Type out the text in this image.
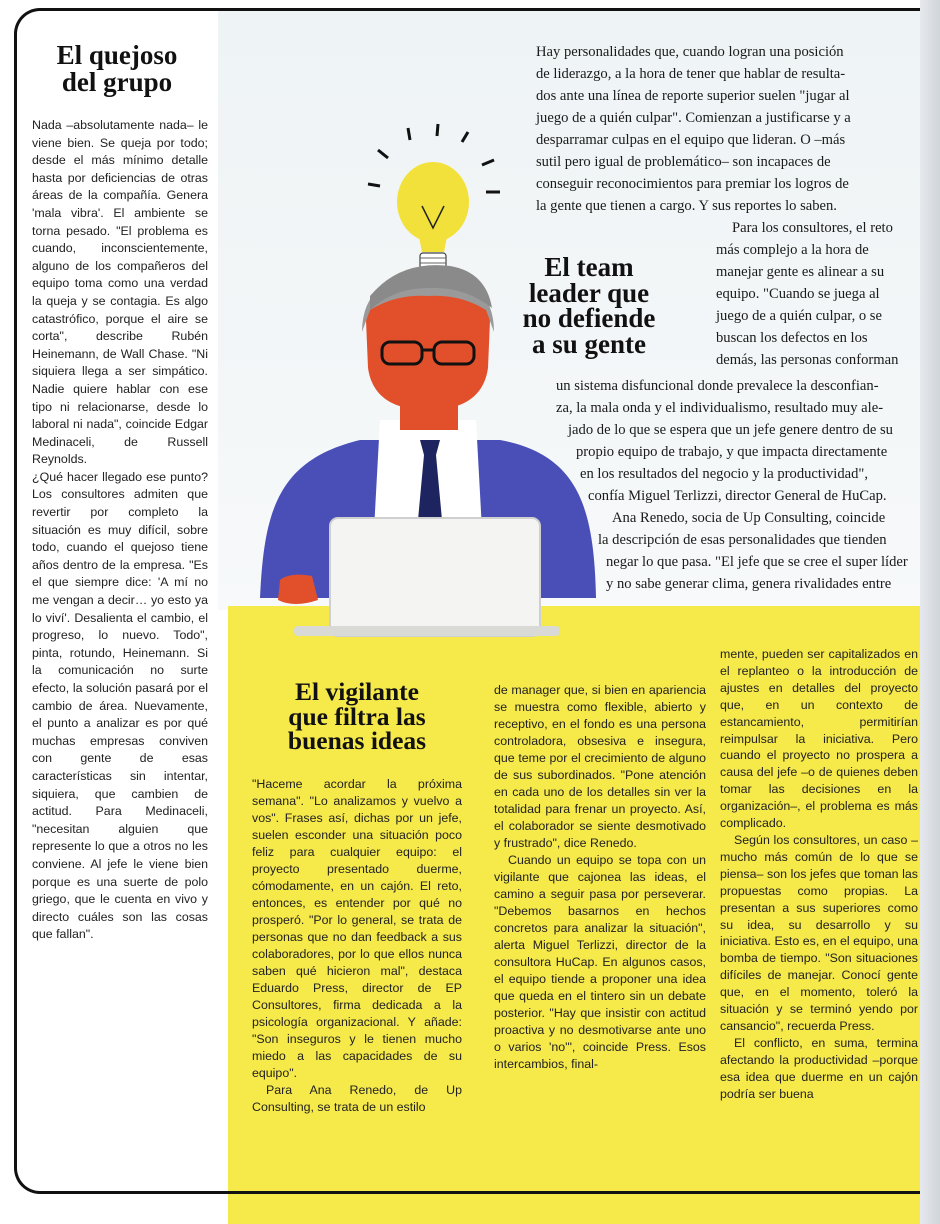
El quejoso
del grupo

Nada –absolutamente nada– le viene bien. Se queja por todo; desde el más mínimo detalle hasta por deficiencias de otras áreas de la compañía. Genera 'mala vibra'. El ambiente se torna pesado. "El problema es cuando, inconscientemente, alguno de los compañeros del equipo toma como una verdad la queja y se contagia. Es algo catastrófico, porque el aire se corta", describe Rubén Heinemann, de Wall Chase. "Ni siquiera llega a ser simpático. Nadie quiere hablar con ese tipo ni relacionarse, desde lo laboral ni nada", coincide Edgar Medinaceli, de Russell Reynolds.

¿Qué hacer llegado ese punto? Los consultores admiten que revertir por completo la situación es muy difícil, sobre todo, cuando el quejoso tiene años dentro de la empresa. "Es el que siempre dice: 'A mí no me vengan a decir… yo esto ya lo viví'. Desalienta el cambio, el progreso, lo nuevo. Todo", pinta, rotundo, Heinemann. Si la comunicación no surte efecto, la solución pasará por el cambio de área. Nuevamente, el punto a analizar es por qué muchas empresas conviven con gente de esas características sin intentar, siquiera, que cambien de actitud. Para Medinaceli, "necesitan alguien que represente lo que a otros no les conviene. Al jefe le viene bien porque es una suerte de polo griego, que le cuenta en vivo y directo cuáles son las cosas que fallan".

El team
leader que
no defiende
a su gente
Hay personalidades que, cuando logran una posición
de liderazgo, a la hora de tener que hablar de resulta-
dos ante una línea de reporte superior suelen "jugar al
juego de a quién culpar". Comienzan a justificarse y a
desparramar culpas en el equipo que lideran. O –más
sutil pero igual de problemático– son incapaces de
conseguir reconocimientos para premiar los logros de
la gente que tienen a cargo. Y sus reportes lo saben.
Para los consultores, el reto
más complejo a la hora de
manejar gente es alinear a su
equipo. "Cuando se juega al
juego de a quién culpar, o se
buscan los defectos en los
demás, las personas conforman
un sistema disfuncional donde prevalece la desconfian-
za, la mala onda y el individualismo, resultado muy ale-
jado de lo que se espera que un jefe genere dentro de su
propio equipo de trabajo, y que impacta directamente
en los resultados del negocio y la productividad",
confía Miguel Terlizzi, director General de HuCap.
Ana Renedo, socia de Up Consulting, coincide
la descripción de esas personalidades que tienden
negar lo que pasa. "El jefe que se cree el super líder
y no sabe generar clima, genera rivalidades entre
El vigilante
que filtra las
buenas ideas

"Haceme acordar la próxima semana". "Lo analizamos y vuelvo a vos". Frases así, dichas por un jefe, suelen esconder una situación poco feliz para cualquier equipo: el proyecto presentado duerme, cómodamente, en un cajón. El reto, entonces, es entender por qué no prosperó. "Por lo general, se trata de personas que no dan feedback a sus colaboradores, por lo que ellos nunca saben qué hicieron mal", destaca Eduardo Press, director de EP Consultores, firma dedicada a la psicología organizacional. Y añade: "Son inseguros y le tienen mucho miedo a las capacidades de su equipo".

Para Ana Renedo, de Up Consulting, se trata de un estilo

de manager que, si bien en apariencia se muestra como flexible, abierto y receptivo, en el fondo es una persona controladora, obsesiva e insegura, que teme por el crecimiento de alguno de sus subordinados. "Pone atención en cada uno de los detalles sin ver la totalidad para frenar un proyecto. Así, el colaborador se siente desmotivado y frustrado", dice Renedo.

Cuando un equipo se topa con un vigilante que cajonea las ideas, el camino a seguir pasa por perseverar. "Debemos basarnos en hechos concretos para analizar la situación", alerta Miguel Terlizzi, director de la consultora HuCap. En algunos casos, el equipo tiende a proponer una idea que queda en el tintero sin un debate posterior. "Hay que insistir con actitud proactiva y no desmotivarse ante uno o varios 'no'", coincide Press. Esos intercambios, final-

mente, pueden ser capitalizados en el replanteo o la introducción de ajustes en detalles del proyecto que, en un contexto de estancamiento, permitirían reimpulsar la iniciativa. Pero cuando el proyecto no prospera a causa del jefe –o de quienes deben tomar las decisiones en la organización–, el problema es más complicado.

Según los consultores, un caso –mucho más común de lo que se piensa– son los jefes que toman las propuestas como propias. La presentan a sus superiores como su idea, su desarrollo y su iniciativa. Esto es, en el equipo, una bomba de tiempo. "Son situaciones difíciles de manejar. Conocí gente que, en el momento, toleró la situación y se terminó yendo por cansancio", recuerda Press.

El conflicto, en suma, termina afectando la productividad –porque esa idea que duerme en un cajón podría ser buena
